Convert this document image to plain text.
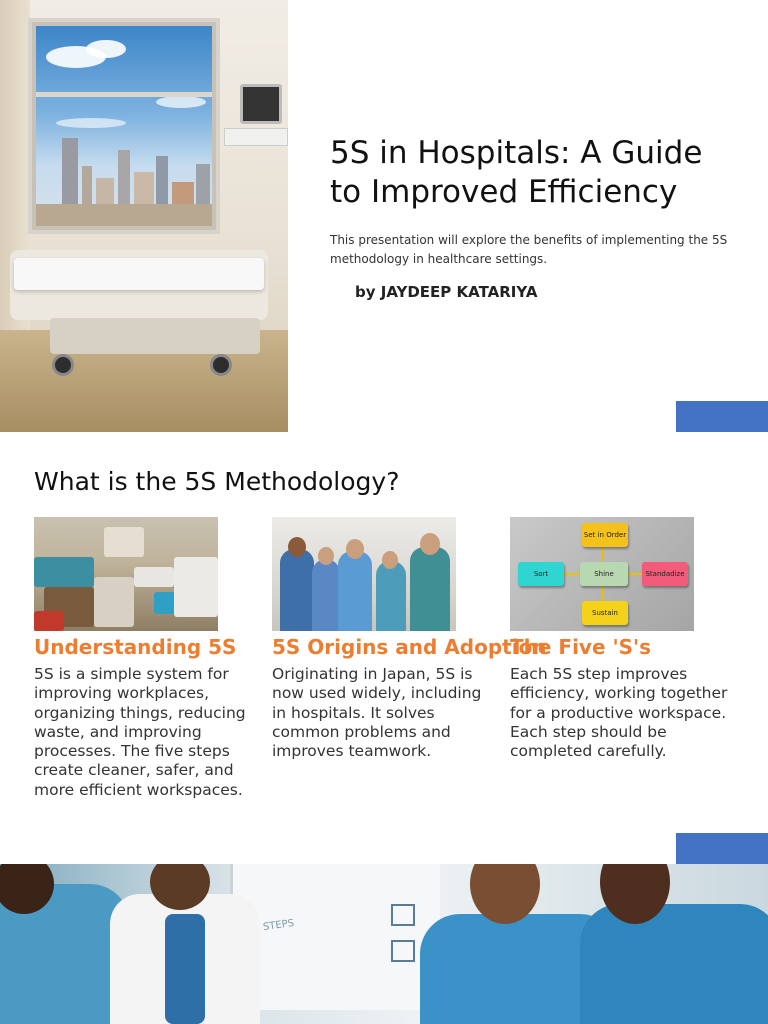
5S in Hospitals: A Guide to Improved Efficiency

This presentation will explore the benefits of implementing the 5S methodology in healthcare settings.

by JAYDEEP KATARIYA

What is the 5S Methodology?
Understanding 5S
5S is a simple system for improving workplaces, organizing things, reducing waste, and improving processes. The five steps create cleaner, safer, and more efficient workspaces.
5S Origins and Adoption
Originating in Japan, 5S is now used widely, including in hospitals. It solves common problems and improves teamwork.
Set in Order
Sort	Shine	Standadize
Sustain
The Five 'S's
Each 5S step improves efficiency, working together for a productive workspace. Each step should be completed carefully.
STEPS
